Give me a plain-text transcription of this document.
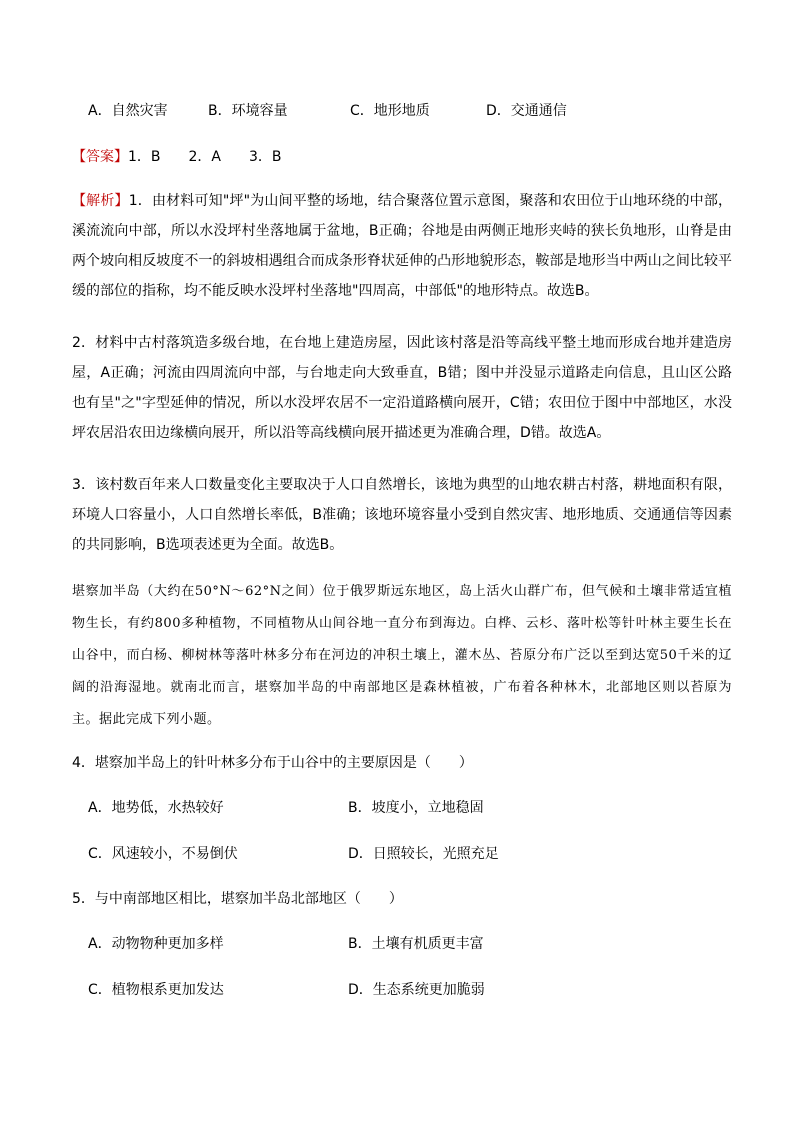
A．自然灾害	B．环境容量	C．地形地质	D．交通通信
【答案】1．B　　2．A　　3．B
【解析】1．由材料可知"坪"为山间平整的场地，结合聚落位置示意图，聚落和农田位于山地环绕的中部，溪流流向中部，所以水没坪村坐落地属于盆地，B正确；谷地是由两侧正地形夹峙的狭长负地形，山脊是由两个坡向相反坡度不一的斜坡相遇组合而成条形脊状延伸的凸形地貌形态，鞍部是地形当中两山之间比较平缓的部位的指称，均不能反映水没坪村坐落地"四周高，中部低"的地形特点。故选B。
2．材料中古村落筑造多级台地，在台地上建造房屋，因此该村落是沿等高线平整土地而形成台地并建造房屋，A正确；河流由四周流向中部，与台地走向大致垂直，B错；图中并没显示道路走向信息，且山区公路也有呈"之"字型延伸的情况，所以水没坪农居不一定沿道路横向展开，C错；农田位于图中中部地区，水没坪农居沿农田边缘横向展开，所以沿等高线横向展开描述更为准确合理，D错。故选A。
3．该村数百年来人口数量变化主要取决于人口自然增长，该地为典型的山地农耕古村落，耕地面积有限，环境人口容量小，人口自然增长率低，B准确；该地环境容量小受到自然灾害、地形地质、交通通信等因素的共同影响，B选项表述更为全面。故选B。
堪察加半岛（大约在50°N～62°N之间）位于俄罗斯远东地区，岛上活火山群广布，但气候和土壤非常适宜植物生长，有约800多种植物，不同植物从山间谷地一直分布到海边。白桦、云杉、落叶松等针叶林主要生长在山谷中，而白杨、柳树林等落叶林多分布在河边的冲积土壤上，灌木丛、苔原分布广泛以至到达宽50千米的辽阔的沿海湿地。就南北而言，堪察加半岛的中南部地区是森林植被，广布着各种林木，北部地区则以苔原为主。据此完成下列小题。
4．堪察加半岛上的针叶林多分布于山谷中的主要原因是（　　）
A．地势低，水热较好	B．坡度小，立地稳固
C．风速较小，不易倒伏	D．日照较长，光照充足
5．与中南部地区相比，堪察加半岛北部地区（　　）
A．动物物种更加多样	B．土壤有机质更丰富
C．植物根系更加发达	D．生态系统更加脆弱
